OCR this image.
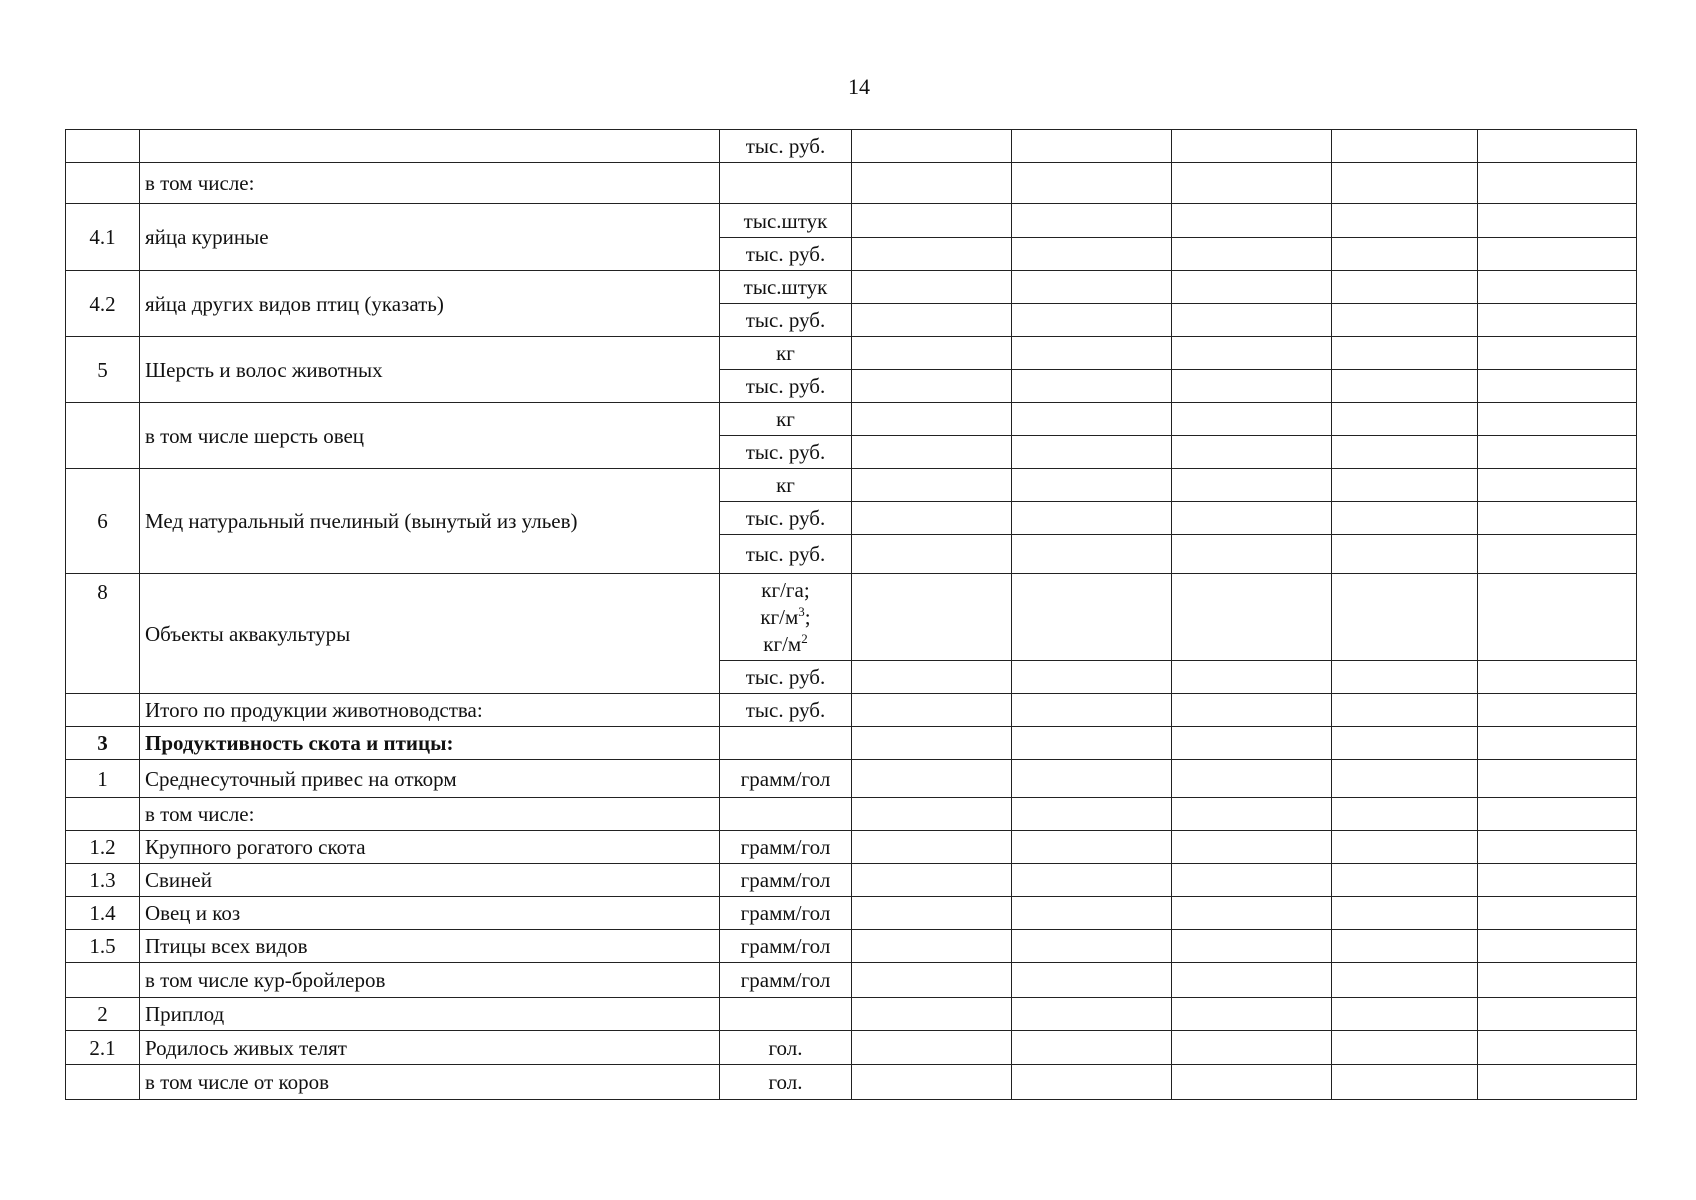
14
		тыс. руб.					
	в том числе:						
4.1	яйца куриные	тыс.штук					
		тыс. руб.					
4.2	яйца других видов птиц (указать)	тыс.штук					
		тыс. руб.					
5	Шерсть и волос животных	кг					
		тыс. руб.					
	в том числе шерсть овец	кг					
		тыс. руб.					
6	Мед натуральный пчелиный (вынутый из ульев)	кг					
		тыс. руб.					
		тыс. руб.					
8	Объекты аквакультуры	кг/га;
$кг/м^3$;
$кг/м^2$

		тыс. руб.					
	Итого по продукции животноводства:	тыс. руб.					
3	Продуктивность скота и птицы:						
1	Среднесуточный привес на откорм	грамм/гол					
	в том числе:						
1.2	Крупного рогатого скота	грамм/гол					
1.3	Свиней	грамм/гол					
1.4	Овец и коз	грамм/гол					
1.5	Птицы всех видов	грамм/гол					
	в том числе кур-бройлеров	грамм/гол					
2	Приплод						
2.1	Родилось живых телят	гол.					
	в том числе от коров	гол.					
